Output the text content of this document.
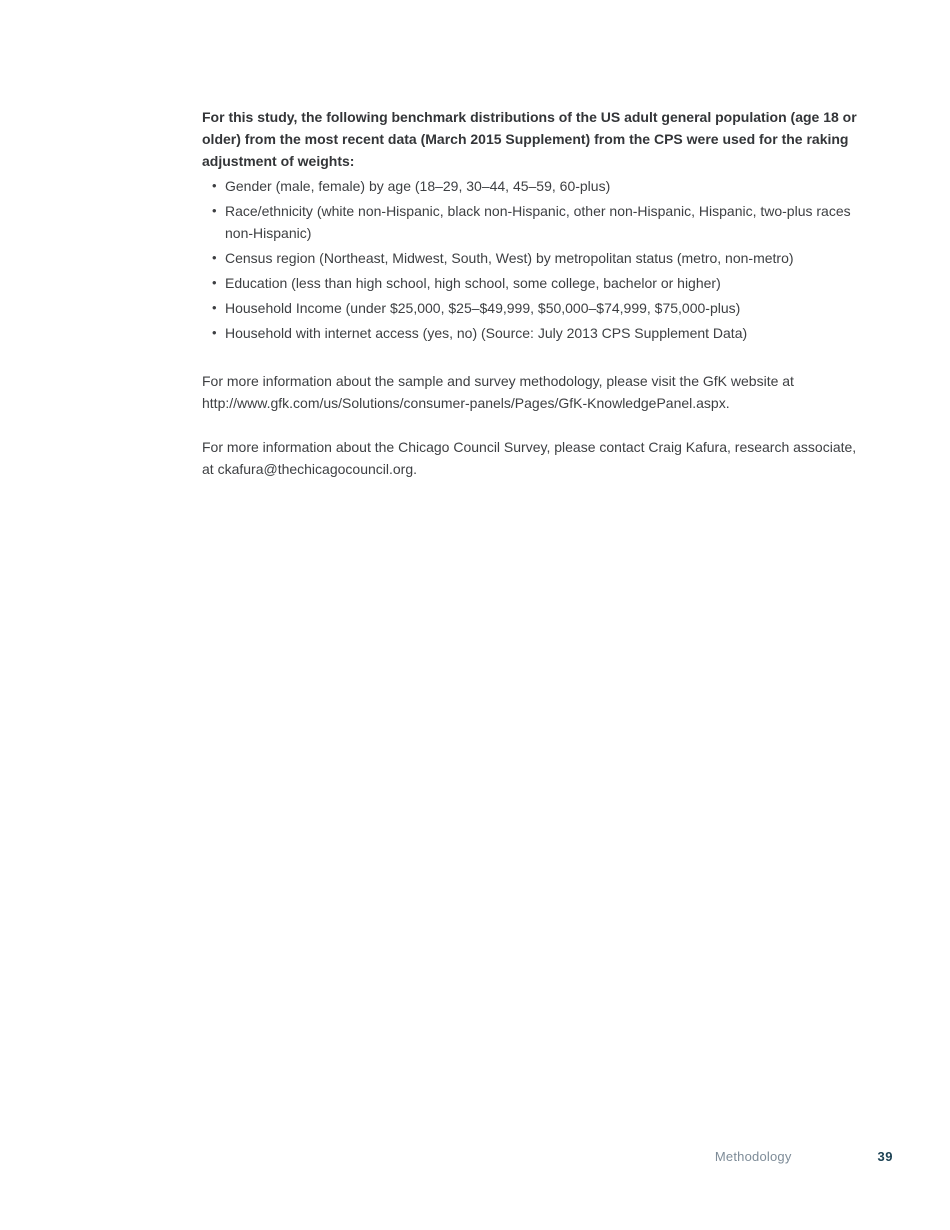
For this study, the following benchmark distributions of the US adult general population (age 18 or older) from the most recent data (March 2015 Supplement) from the CPS were used for the raking adjustment of weights:

• Gender (male, female) by age (18–29, 30–44, 45–59, 60-plus)
• Race/ethnicity (white non-Hispanic, black non-Hispanic, other non-Hispanic, Hispanic, two-plus races non-Hispanic)
• Census region (Northeast, Midwest, South, West) by metropolitan status (metro, non-metro)
• Education (less than high school, high school, some college, bachelor or higher)
• Household Income (under $25,000, $25–$49,999, $50,000–$74,999, $75,000-plus)
• Household with internet access (yes, no) (Source: July 2013 CPS Supplement Data)

For more information about the sample and survey methodology, please visit the GfK website at http://www.gfk.com/us/Solutions/consumer-panels/Pages/GfK-KnowledgePanel.aspx.

For more information about the Chicago Council Survey, please contact Craig Kafura, research associate, at ckafura@thechicagocouncil.org.

Methodology	39
